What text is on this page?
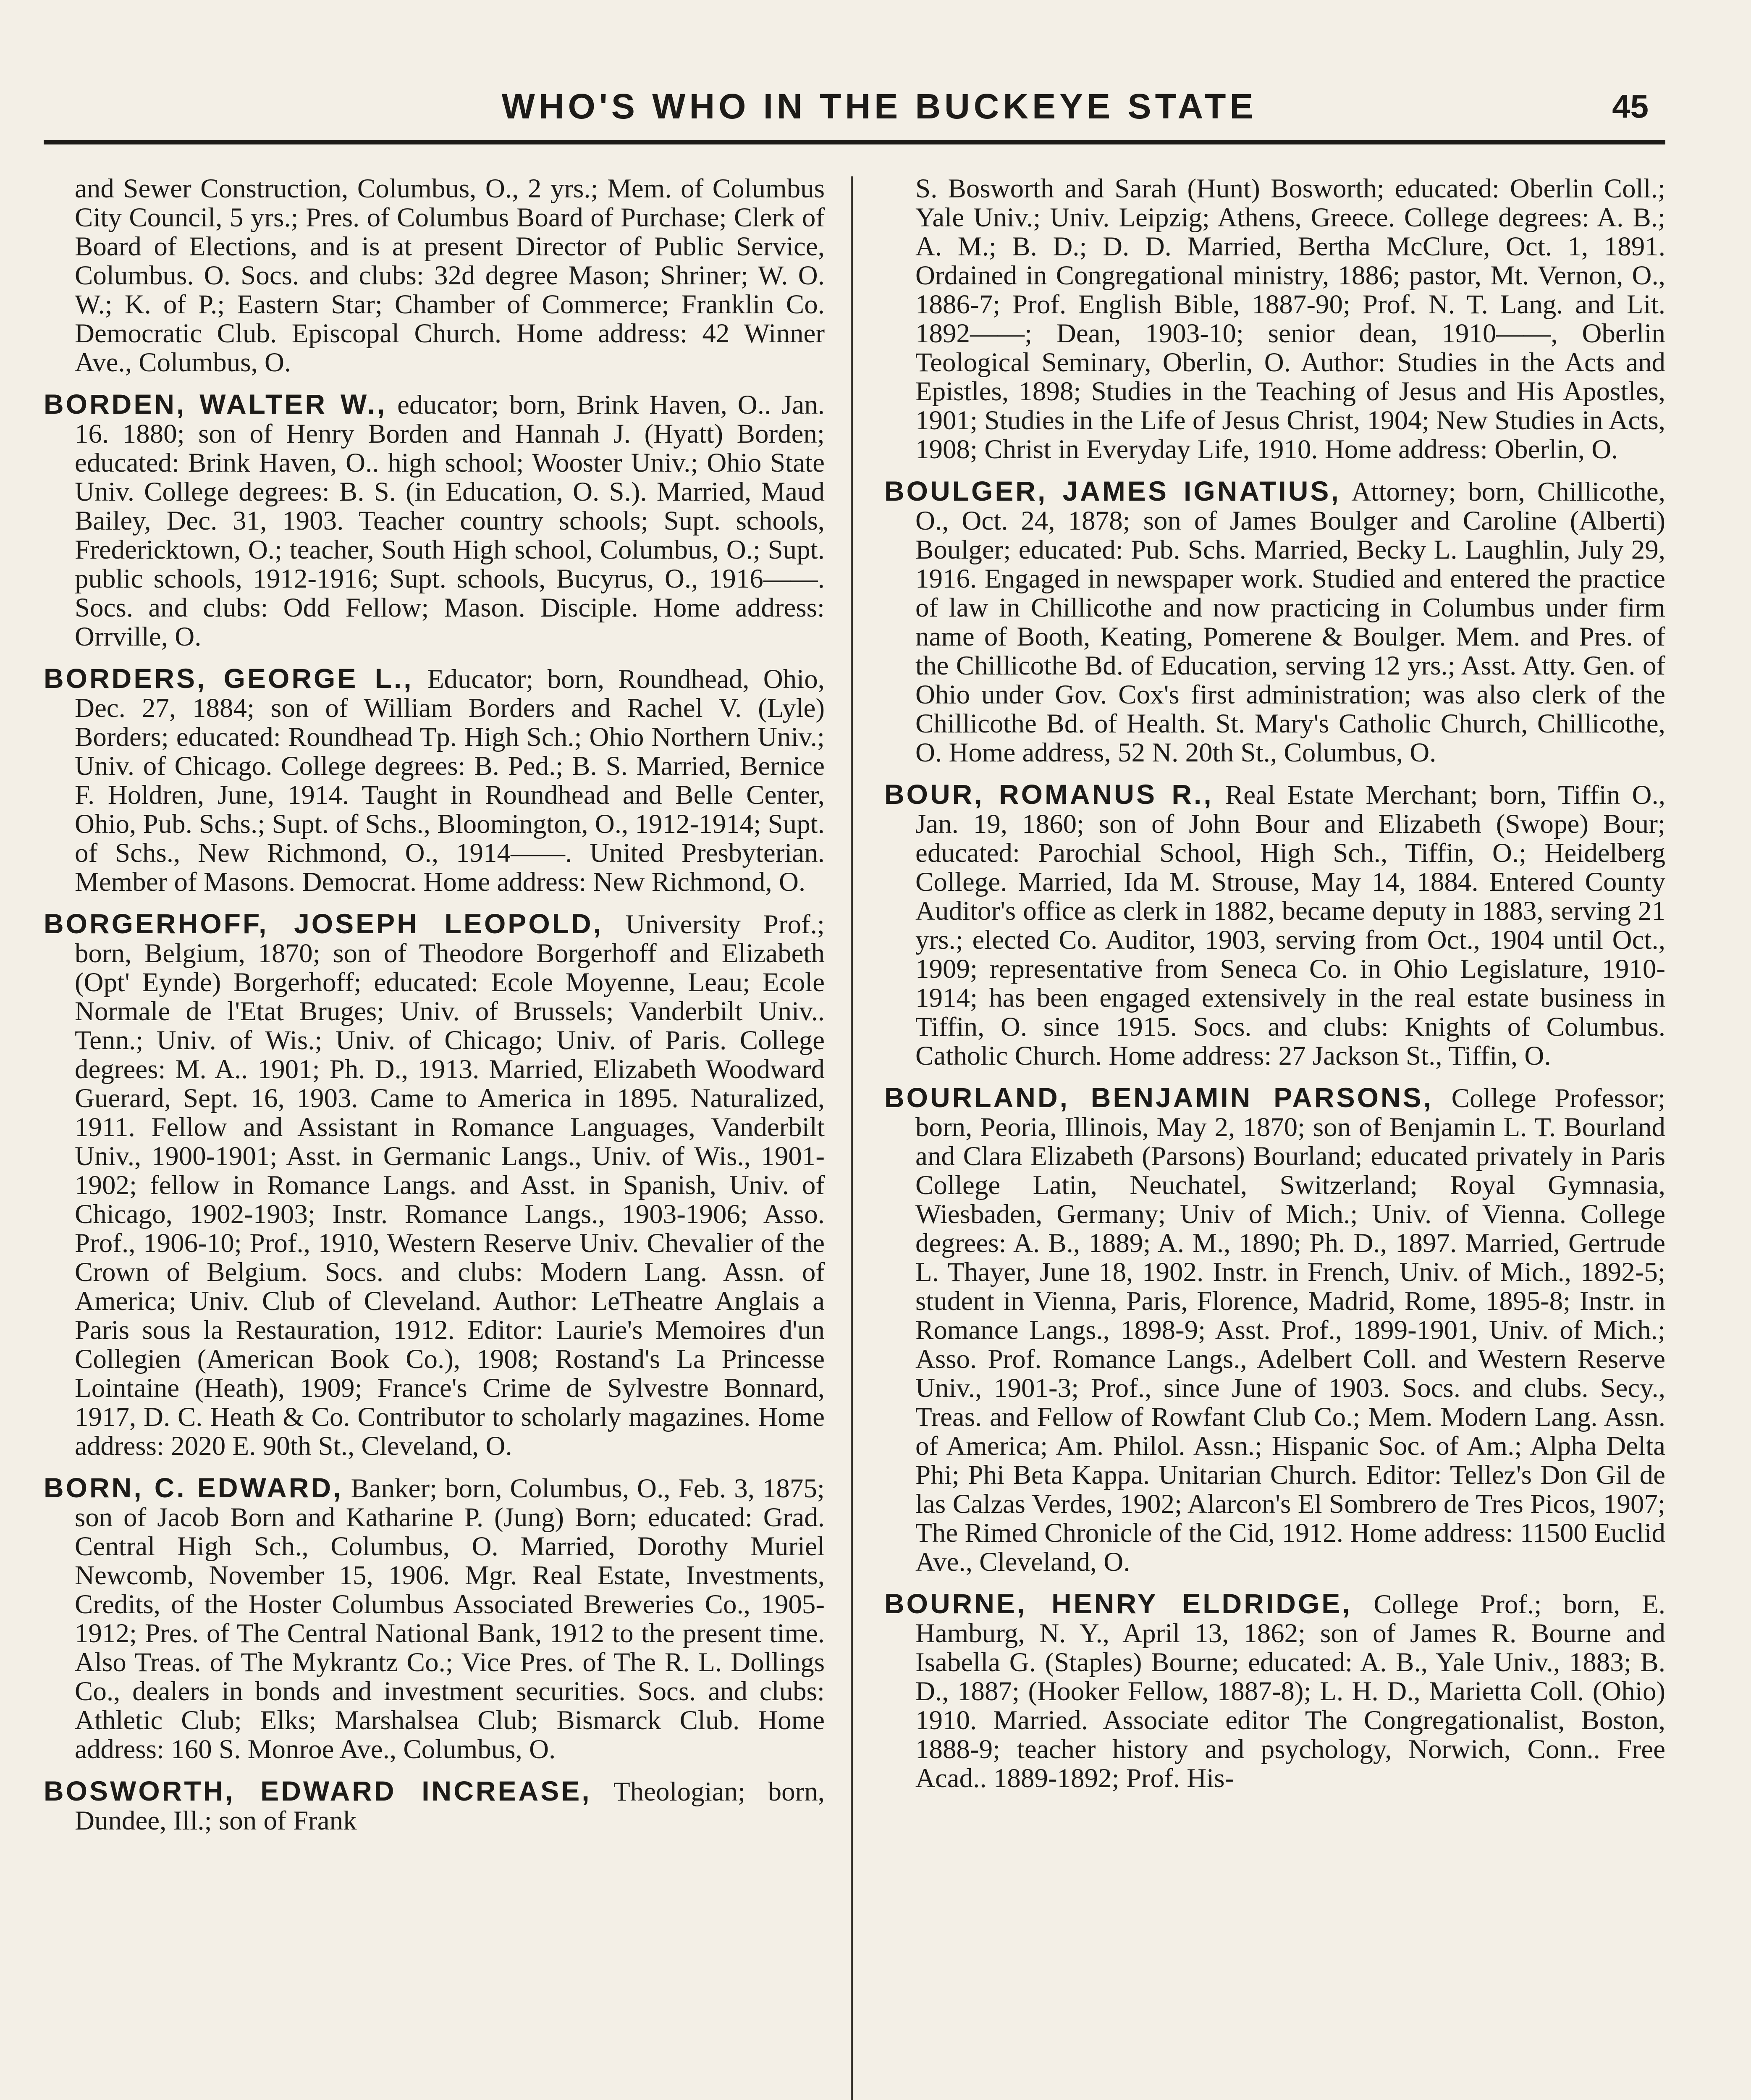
WHO'S WHO IN THE BUCKEYE STATE	45

and Sewer Construction, Columbus, O., 2 yrs.; Mem. of Columbus City Council, 5 yrs.; Pres. of Columbus Board of Purchase; Clerk of Board of Elections, and is at present Director of Public Service, Columbus. O. Socs. and clubs: 32d degree Mason; Shriner; W. O. W.; K. of P.; Eastern Star; Chamber of Commerce; Franklin Co. Democratic Club. Episcopal Church. Home address: 42 Winner Ave., Columbus, O.

BORDEN, WALTER W., educator; born, Brink Haven, O.. Jan. 16. 1880; son of Henry Borden and Hannah J. (Hyatt) Borden; educated: Brink Haven, O.. high school; Wooster Univ.; Ohio State Univ. College degrees: B. S. (in Education, O. S.). Married, Maud Bailey, Dec. 31, 1903. Teacher country schools; Supt. schools, Fredericktown, O.; teacher, South High school, Columbus, O.; Supt. public schools, 1912-1916; Supt. schools, Bucyrus, O., 1916——. Socs. and clubs: Odd Fellow; Mason. Disciple. Home address: Orrville, O.

BORDERS, GEORGE L., Educator; born, Roundhead, Ohio, Dec. 27, 1884; son of William Borders and Rachel V. (Lyle) Borders; educated: Roundhead Tp. High Sch.; Ohio Northern Univ.; Univ. of Chicago. College degrees: B. Ped.; B. S. Married, Bernice F. Holdren, June, 1914. Taught in Roundhead and Belle Center, Ohio, Pub. Schs.; Supt. of Schs., Bloomington, O., 1912-1914; Supt. of Schs., New Richmond, O., 1914——. United Presbyterian. Member of Masons. Democrat. Home address: New Richmond, O.

BORGERHOFF, JOSEPH LEOPOLD, University Prof.; born, Belgium, 1870; son of Theodore Borgerhoff and Elizabeth (Opt' Eynde) Borgerhoff; educated: Ecole Moyenne, Leau; Ecole Normale de l'Etat Bruges; Univ. of Brussels; Vanderbilt Univ.. Tenn.; Univ. of Wis.; Univ. of Chicago; Univ. of Paris. College degrees: M. A.. 1901; Ph. D., 1913. Married, Elizabeth Woodward Guerard, Sept. 16, 1903. Came to America in 1895. Naturalized, 1911. Fellow and Assistant in Romance Languages, Vanderbilt Univ., 1900-1901; Asst. in Germanic Langs., Univ. of Wis., 1901-1902; fellow in Romance Langs. and Asst. in Spanish, Univ. of Chicago, 1902-1903; Instr. Romance Langs., 1903-1906; Asso. Prof., 1906-10; Prof., 1910, Western Reserve Univ. Chevalier of the Crown of Belgium. Socs. and clubs: Modern Lang. Assn. of America; Univ. Club of Cleveland. Author: LeTheatre Anglais a Paris sous la Restauration, 1912. Editor: Laurie's Memoires d'un Collegien (American Book Co.), 1908; Rostand's La Princesse Lointaine (Heath), 1909; France's Crime de Sylvestre Bonnard, 1917, D. C. Heath & Co. Contributor to scholarly magazines. Home address: 2020 E. 90th St., Cleveland, O.

BORN, C. EDWARD, Banker; born, Columbus, O., Feb. 3, 1875; son of Jacob Born and Katharine P. (Jung) Born; educated: Grad. Central High Sch., Columbus, O. Married, Dorothy Muriel Newcomb, November 15, 1906. Mgr. Real Estate, Investments, Credits, of the Hoster Columbus Associated Breweries Co., 1905-1912; Pres. of The Central National Bank, 1912 to the present time. Also Treas. of The Mykrantz Co.; Vice Pres. of The R. L. Dollings Co., dealers in bonds and investment securities. Socs. and clubs: Athletic Club; Elks; Marshalsea Club; Bismarck Club. Home address: 160 S. Monroe Ave., Columbus, O.

BOSWORTH, EDWARD INCREASE, Theologian; born, Dundee, Ill.; son of Frank

S. Bosworth and Sarah (Hunt) Bosworth; educated: Oberlin Coll.; Yale Univ.; Univ. Leipzig; Athens, Greece. College degrees: A. B.; A. M.; B. D.; D. D. Married, Bertha McClure, Oct. 1, 1891. Ordained in Congregational ministry, 1886; pastor, Mt. Vernon, O., 1886-7; Prof. English Bible, 1887-90; Prof. N. T. Lang. and Lit. 1892——; Dean, 1903-10; senior dean, 1910——, Oberlin Teological Seminary, Oberlin, O. Author: Studies in the Acts and Epistles, 1898; Studies in the Teaching of Jesus and His Apostles, 1901; Studies in the Life of Jesus Christ, 1904; New Studies in Acts, 1908; Christ in Everyday Life, 1910. Home address: Oberlin, O.

BOULGER, JAMES IGNATIUS, Attorney; born, Chillicothe, O., Oct. 24, 1878; son of James Boulger and Caroline (Alberti) Boulger; educated: Pub. Schs. Married, Becky L. Laughlin, July 29, 1916. Engaged in newspaper work. Studied and entered the practice of law in Chillicothe and now practicing in Columbus under firm name of Booth, Keating, Pomerene & Boulger. Mem. and Pres. of the Chillicothe Bd. of Education, serving 12 yrs.; Asst. Atty. Gen. of Ohio under Gov. Cox's first administration; was also clerk of the Chillicothe Bd. of Health. St. Mary's Catholic Church, Chillicothe, O. Home address, 52 N. 20th St., Columbus, O.

BOUR, ROMANUS R., Real Estate Merchant; born, Tiffin O., Jan. 19, 1860; son of John Bour and Elizabeth (Swope) Bour; educated: Parochial School, High Sch., Tiffin, O.; Heidelberg College. Married, Ida M. Strouse, May 14, 1884. Entered County Auditor's office as clerk in 1882, became deputy in 1883, serving 21 yrs.; elected Co. Auditor, 1903, serving from Oct., 1904 until Oct., 1909; representative from Seneca Co. in Ohio Legislature, 1910-1914; has been engaged extensively in the real estate business in Tiffin, O. since 1915. Socs. and clubs: Knights of Columbus. Catholic Church. Home address: 27 Jackson St., Tiffin, O.

BOURLAND, BENJAMIN PARSONS, College Professor; born, Peoria, Illinois, May 2, 1870; son of Benjamin L. T. Bourland and Clara Elizabeth (Parsons) Bourland; educated privately in Paris College Latin, Neuchatel, Switzerland; Royal Gymnasia, Wiesbaden, Germany; Univ of Mich.; Univ. of Vienna. College degrees: A. B., 1889; A. M., 1890; Ph. D., 1897. Married, Gertrude L. Thayer, June 18, 1902. Instr. in French, Univ. of Mich., 1892-5; student in Vienna, Paris, Florence, Madrid, Rome, 1895-8; Instr. in Romance Langs., 1898-9; Asst. Prof., 1899-1901, Univ. of Mich.; Asso. Prof. Romance Langs., Adelbert Coll. and Western Reserve Univ., 1901-3; Prof., since June of 1903. Socs. and clubs. Secy., Treas. and Fellow of Rowfant Club Co.; Mem. Modern Lang. Assn. of America; Am. Philol. Assn.; Hispanic Soc. of Am.; Alpha Delta Phi; Phi Beta Kappa. Unitarian Church. Editor: Tellez's Don Gil de las Calzas Verdes, 1902; Alarcon's El Sombrero de Tres Picos, 1907; The Rimed Chronicle of the Cid, 1912. Home address: 11500 Euclid Ave., Cleveland, O.

BOURNE, HENRY ELDRIDGE, College Prof.; born, E. Hamburg, N. Y., April 13, 1862; son of James R. Bourne and Isabella G. (Staples) Bourne; educated: A. B., Yale Univ., 1883; B. D., 1887; (Hooker Fellow, 1887-8); L. H. D., Marietta Coll. (Ohio) 1910. Married. Associate editor The Congregationalist, Boston, 1888-9; teacher history and psychology, Norwich, Conn.. Free Acad.. 1889-1892; Prof. His-
